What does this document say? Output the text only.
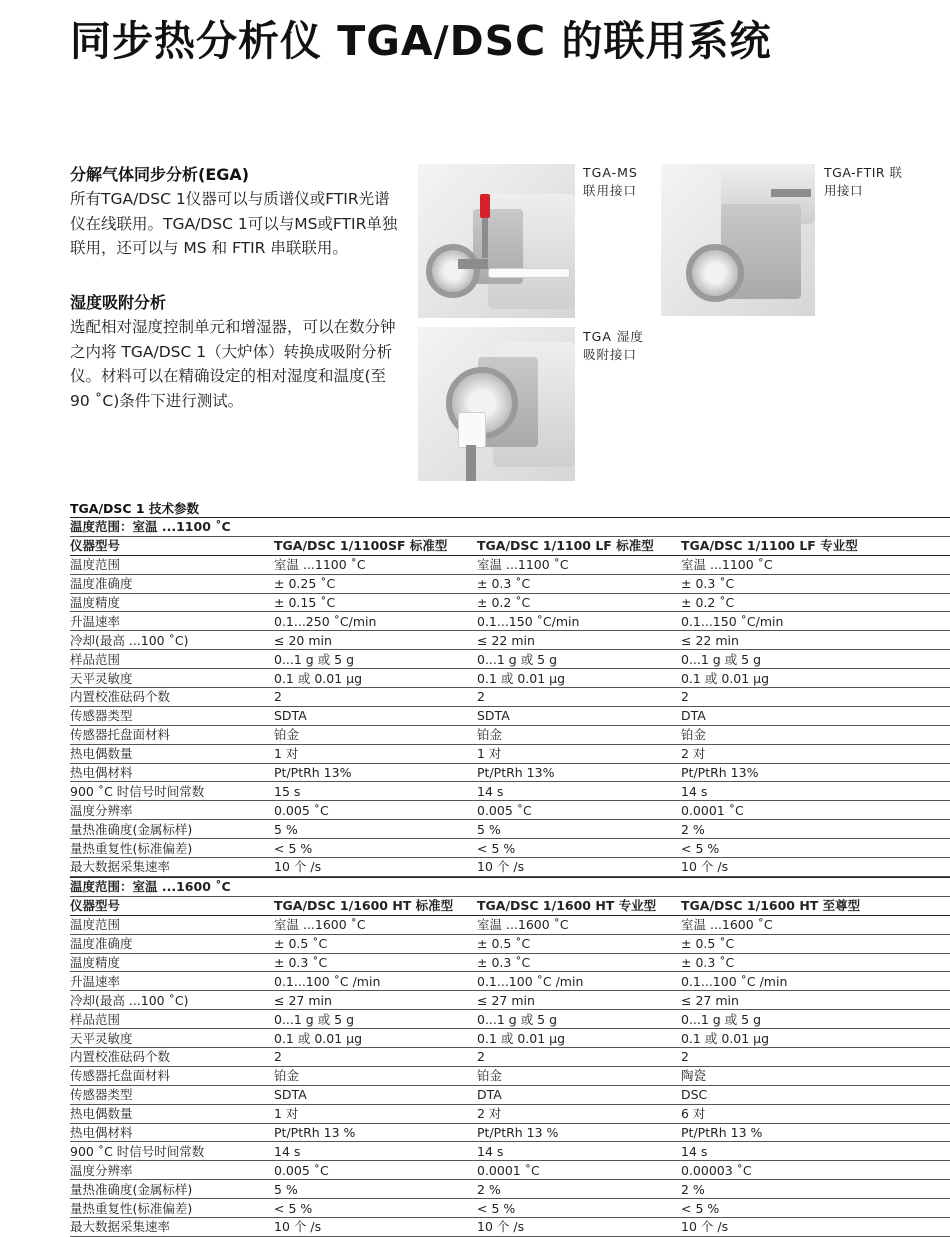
同步热分析仪 TGA/DSC 的联用系统
分解气体同步分析(EGA)

所有TGA/DSC 1仪器可以与质谱仪或FTIR光谱仪在线联用。TGA/DSC 1可以与MS或FTIR单独联用，还可以与 MS 和 FTIR 串联联用。

湿度吸附分析

选配相对湿度控制单元和增湿器，可以在数分钟之内将 TGA/DSC 1（大炉体）转换成吸附分析仪。材料可以在精确设定的相对湿度和温度(至 90 ˚C)条件下进行测试。

TGA-MS
联用接口
TGA-FTIR 联
用接口
TGA 湿度
吸附接口
TGA/DSC 1 技术参数
温度范围：室温 ...1100 ˚C			
仪器型号	TGA/DSC 1/1100SF 标准型	TGA/DSC 1/1100 LF 标准型	TGA/DSC 1/1100 LF 专业型
温度范围	室温 ...1100 ˚C	室温 ...1100 ˚C	室温 ...1100 ˚C
温度准确度	± 0.25 ˚C	± 0.3 ˚C	± 0.3 ˚C
温度精度	± 0.15 ˚C	± 0.2 ˚C	± 0.2 ˚C
升温速率	0.1...250 ˚C/min	0.1...150 ˚C/min	0.1...150 ˚C/min
冷却(最高 ...100 ˚C)	≤ 20 min	≤ 22 min	≤ 22 min
样品范围	0...1 g 或 5 g	0...1 g 或 5 g	0...1 g 或 5 g
天平灵敏度	0.1 或 0.01 µg	0.1 或 0.01 µg	0.1 或 0.01 µg
内置校准砝码个数	2	2	2
传感器类型	SDTA	SDTA	DTA
传感器托盘面材料	铂金	铂金	铂金
热电偶数量	1 对	1 对	2 对
热电偶材料	Pt/PtRh 13%	Pt/PtRh 13%	Pt/PtRh 13%
900 ˚C 时信号时间常数	15 s	14 s	14 s
温度分辨率	0.005 ˚C	0.005 ˚C	0.0001 ˚C
量热准确度(金属标样)	5 %	5 %	2 %
量热重复性(标准偏差)	< 5 %	< 5 %	< 5 %
最大数据采集速率	10 个 /s	10 个 /s	10 个 /s
温度范围：室温 ...1600 ˚C			
仪器型号	TGA/DSC 1/1600 HT 标准型	TGA/DSC 1/1600 HT 专业型	TGA/DSC 1/1600 HT 至尊型
温度范围	室温 ...1600 ˚C	室温 ...1600 ˚C	室温 ...1600 ˚C
温度准确度	± 0.5 ˚C	± 0.5 ˚C	± 0.5 ˚C
温度精度	± 0.3 ˚C	± 0.3 ˚C	± 0.3 ˚C
升温速率	0.1...100 ˚C /min	0.1...100 ˚C /min	0.1...100 ˚C /min
冷却(最高 ...100 ˚C)	≤ 27 min	≤ 27 min	≤ 27 min
样品范围	0...1 g 或 5 g	0...1 g 或 5 g	0...1 g 或 5 g
天平灵敏度	0.1 或 0.01 µg	0.1 或 0.01 µg	0.1 或 0.01 µg
内置校准砝码个数	2	2	2
传感器托盘面材料	铂金	铂金	陶瓷
传感器类型	SDTA	DTA	DSC
热电偶数量	1 对	2 对	6 对
热电偶材料	Pt/PtRh 13 %	Pt/PtRh 13 %	Pt/PtRh 13 %
900 ˚C 时信号时间常数	14 s	14 s	14 s
温度分辨率	0.005 ˚C	0.0001 ˚C	0.00003 ˚C
量热准确度(金属标样)	5 %	2 %	2 %
量热重复性(标准偏差)	< 5 %	< 5 %	< 5 %
最大数据采集速率	10 个 /s	10 个 /s	10 个 /s
